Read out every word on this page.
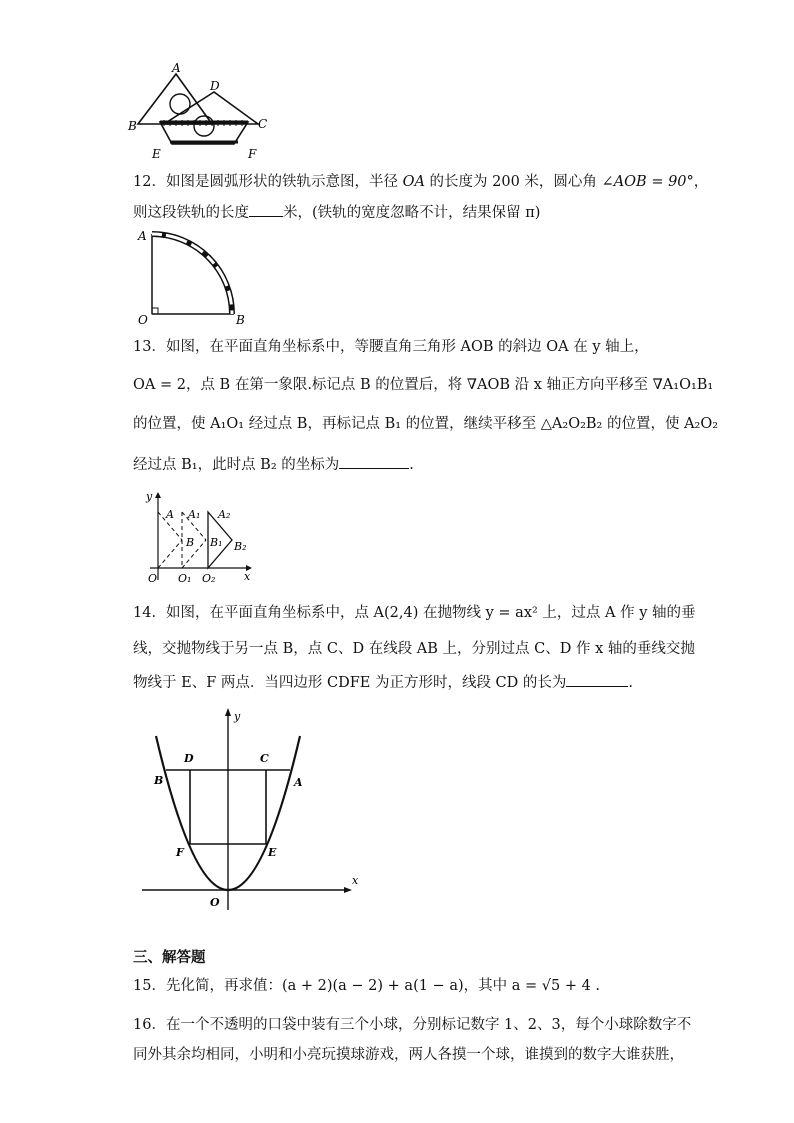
A
D
B	C
E	F
12．如图是圆弧形状的铁轨示意图，半径 OA 的长度为 200 米，圆心角 ∠AOB = 90°，
则这段铁轨的长度 米，(铁轨的宽度忽略不计，结果保留 π)
A
O	B
13．如图，在平面直角坐标系中，等腰直角三角形 AOB 的斜边 OA 在 y 轴上，
OA = 2，点 B 在第一象限.标记点 B 的位置后，将 ∇AOB 沿 x 轴正方向平移至 ∇A₁O₁B₁
的位置，使 A₁O₁ 经过点 B，再标记点 B₁ 的位置，继续平移至 △A₂O₂B₂ 的位置，使 A₂O₂
经过点 B₁，此时点 B₂ 的坐标为	.
y
x
A A₁ A₂
B B₁ B₂
O O₁ O₂
14．如图，在平面直角坐标系中，点 A(2,4) 在抛物线 y = ax² 上，过点 A 作 y 轴的垂
线，交抛物线于另一点 B，点 C、D 在线段 AB 上，分别过点 C、D 作 x 轴的垂线交抛
物线于 E、F 两点．当四边形 CDFE 为正方形时，线段 CD 的长为	.
y
x
D	C
B	A
F	E
O
三、解答题
15．先化简，再求值：(a + 2)(a − 2) + a(1 − a)，其中 a = √5 + 4 .
16．在一个不透明的口袋中装有三个小球，分别标记数字 1、2、3，每个小球除数字不
同外其余均相同，小明和小亮玩摸球游戏，两人各摸一个球，谁摸到的数字大谁获胜，
